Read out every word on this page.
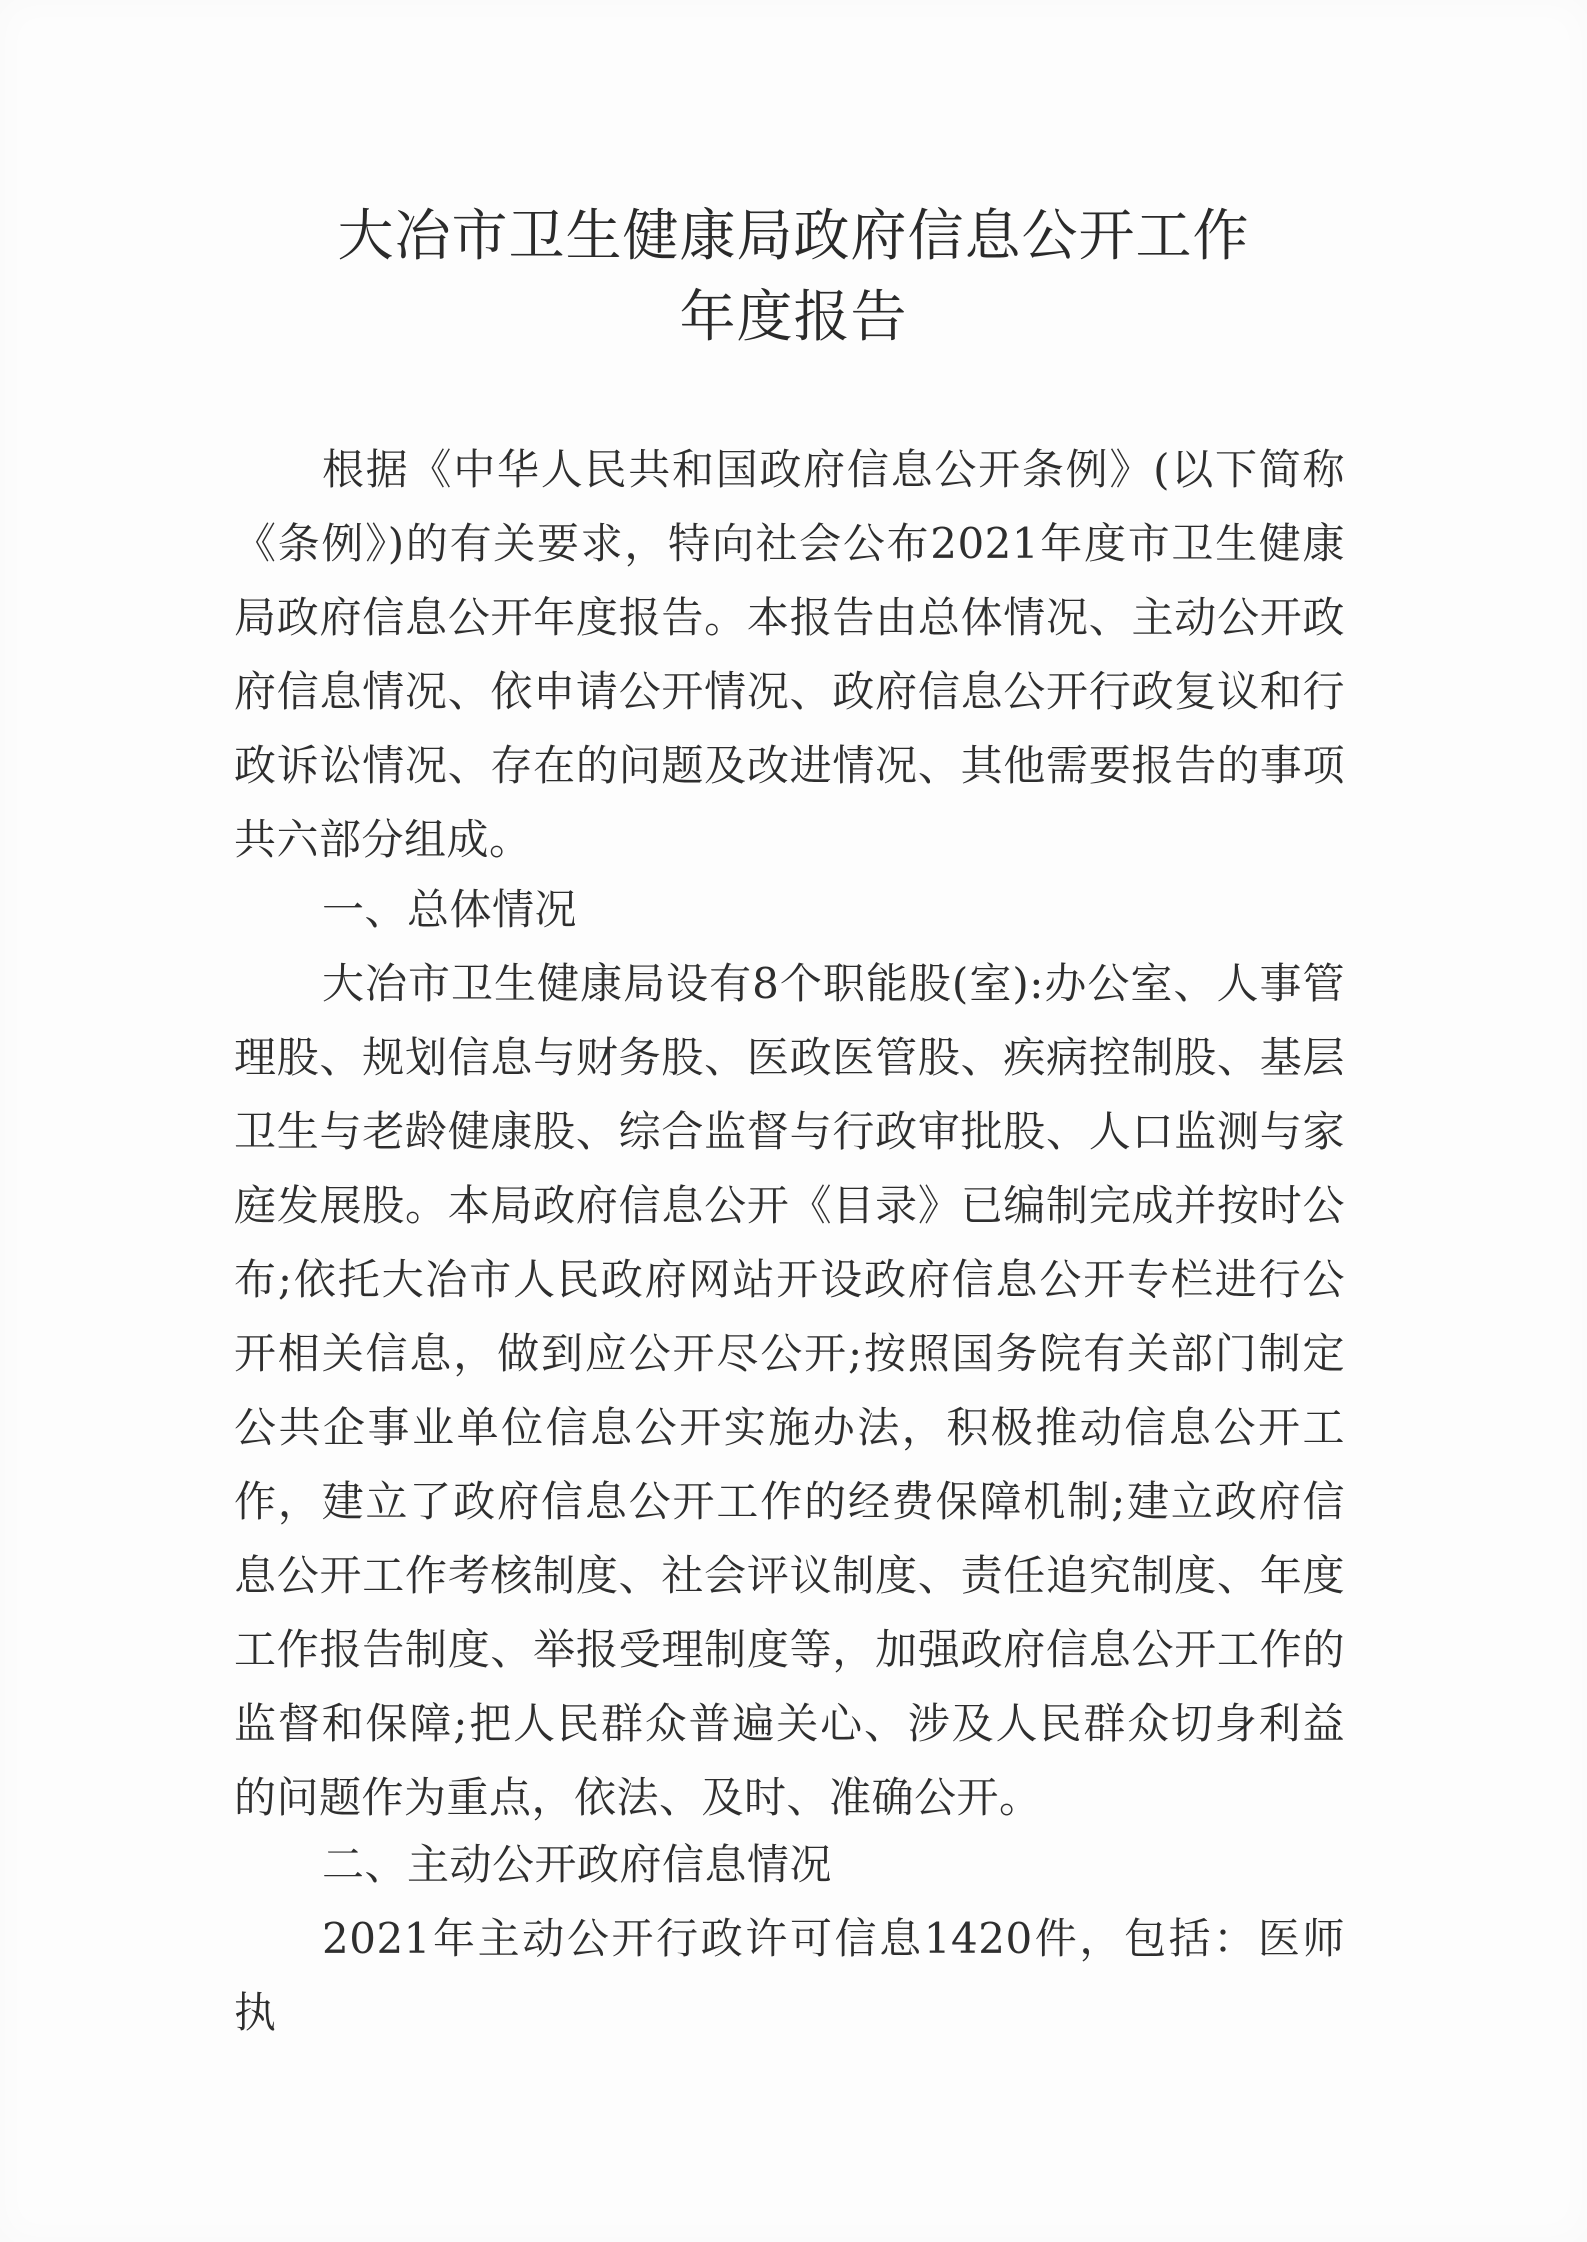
大冶市卫生健康局政府信息公开工作
年度报告

根据《中华人民共和国政府信息公开条例》(以下简称《条例》)的有关要求，特向社会公布2021年度市卫生健康局政府信息公开年度报告。本报告由总体情况、主动公开政府信息情况、依申请公开情况、政府信息公开行政复议和行政诉讼情况、存在的问题及改进情况、其他需要报告的事项共六部分组成。

一、总体情况

大冶市卫生健康局设有8个职能股(室):办公室、人事管理股、规划信息与财务股、医政医管股、疾病控制股、基层卫生与老龄健康股、综合监督与行政审批股、人口监测与家庭发展股。本局政府信息公开《目录》已编制完成并按时公布;依托大冶市人民政府网站开设政府信息公开专栏进行公开相关信息，做到应公开尽公开;按照国务院有关部门制定公共企事业单位信息公开实施办法，积极推动信息公开工作，建立了政府信息公开工作的经费保障机制;建立政府信息公开工作考核制度、社会评议制度、责任追究制度、年度工作报告制度、举报受理制度等，加强政府信息公开工作的监督和保障;把人民群众普遍关心、涉及人民群众切身利益的问题作为重点，依法、及时、准确公开。

二、主动公开政府信息情况

2021年主动公开行政许可信息1420件，包括：医师执
